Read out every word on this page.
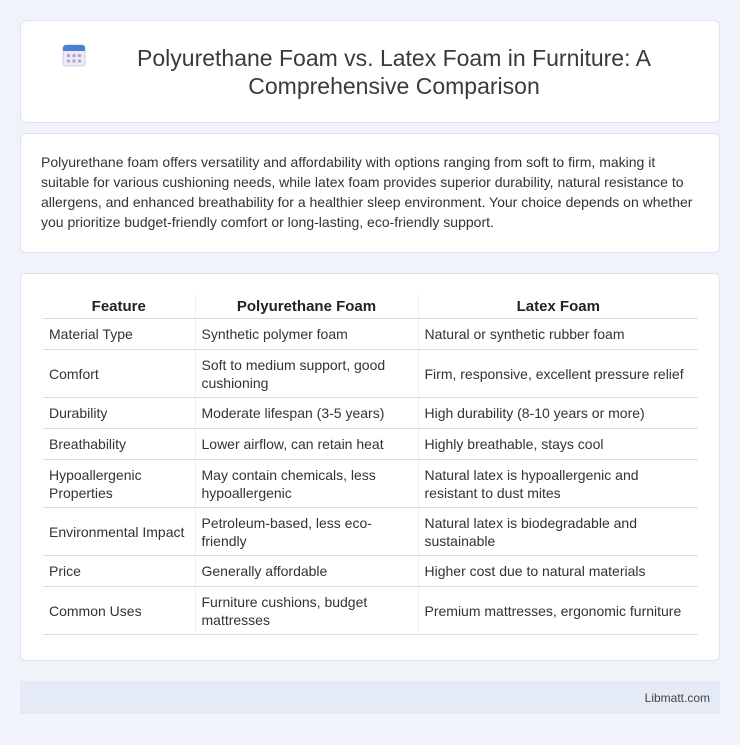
Polyurethane Foam vs. Latex Foam in Furniture: A Comprehensive Comparison

Polyurethane foam offers versatility and affordability with options ranging from soft to firm, making it suitable for various cushioning needs, while latex foam provides superior durability, natural resistance to allergens, and enhanced breathability for a healthier sleep environment. Your choice depends on whether you prioritize budget-friendly comfort or long-lasting, eco-friendly support.

Feature	Polyurethane Foam	Latex Foam
Material Type	Synthetic polymer foam	Natural or synthetic rubber foam
Comfort	Soft to medium support, good cushioning	Firm, responsive, excellent pressure relief
Durability	Moderate lifespan (3-5 years)	High durability (8-10 years or more)
Breathability	Lower airflow, can retain heat	Highly breathable, stays cool
Hypoallergenic Properties	May contain chemicals, less hypoallergenic	Natural latex is hypoallergenic and resistant to dust mites
Environmental Impact	Petroleum-based, less eco-friendly	Natural latex is biodegradable and sustainable
Price	Generally affordable	Higher cost due to natural materials
Common Uses	Furniture cushions, budget mattresses	Premium mattresses, ergonomic furniture
Libmatt.com
